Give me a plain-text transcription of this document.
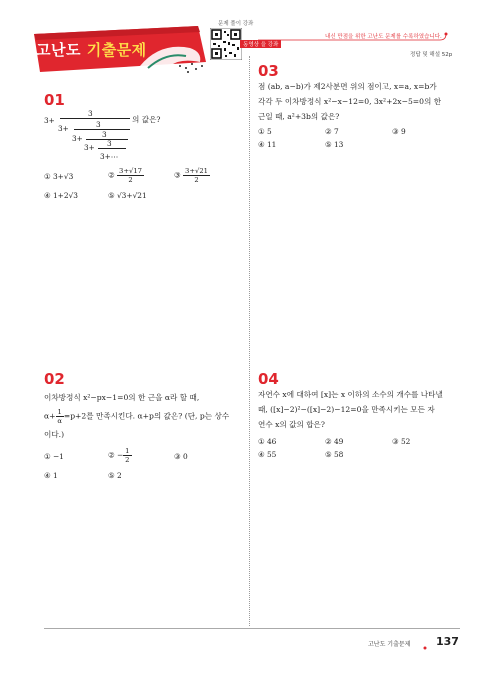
고난도 기출문제
문제 풀이 강좌
동영상 을 강좌
내신 만점을 위한 고난도 문제를 수록하였습니다.
정답 및 해설 52p
01
3+
3
3+	3
3+	3
3+ 3
3+⋯
의 값은?
① 3+√3	② $\frac{3+√17}{2}$	③ $\frac{3+√21}{2}$
④ 1+2√3	⑤ √3+√21
02
이차방정식 x²−px−1=0의 한 근을 α라 할 때,
$\alpha+ \frac{1}{\alpha} =p+2$를 만족시킨다. α+p의 값은? (단, p는 상수
이다.)
① −1	② − $\frac{1}{2}$	③ 0
④ 1	⑤ 2
03
점 (ab, a−b)가 제2사분면 위의 점이고, x=a, x=b가
각각 두 이차방정식 x²−x−12=0, 3x²+2x−5=0의 한
근일 때, a²+3b의 값은?
① 5	② 7	③ 9
④ 11	⑤ 13
04
자연수 x에 대하여 [x]는 x 이하의 소수의 개수를 나타낼
때, ([x]−2)²−([x]−2)−12=0을 만족시키는 모든 자
연수 x의 값의 합은?
① 46	② 49	③ 52
④ 55	⑤ 58
고난도 기출문제 137
